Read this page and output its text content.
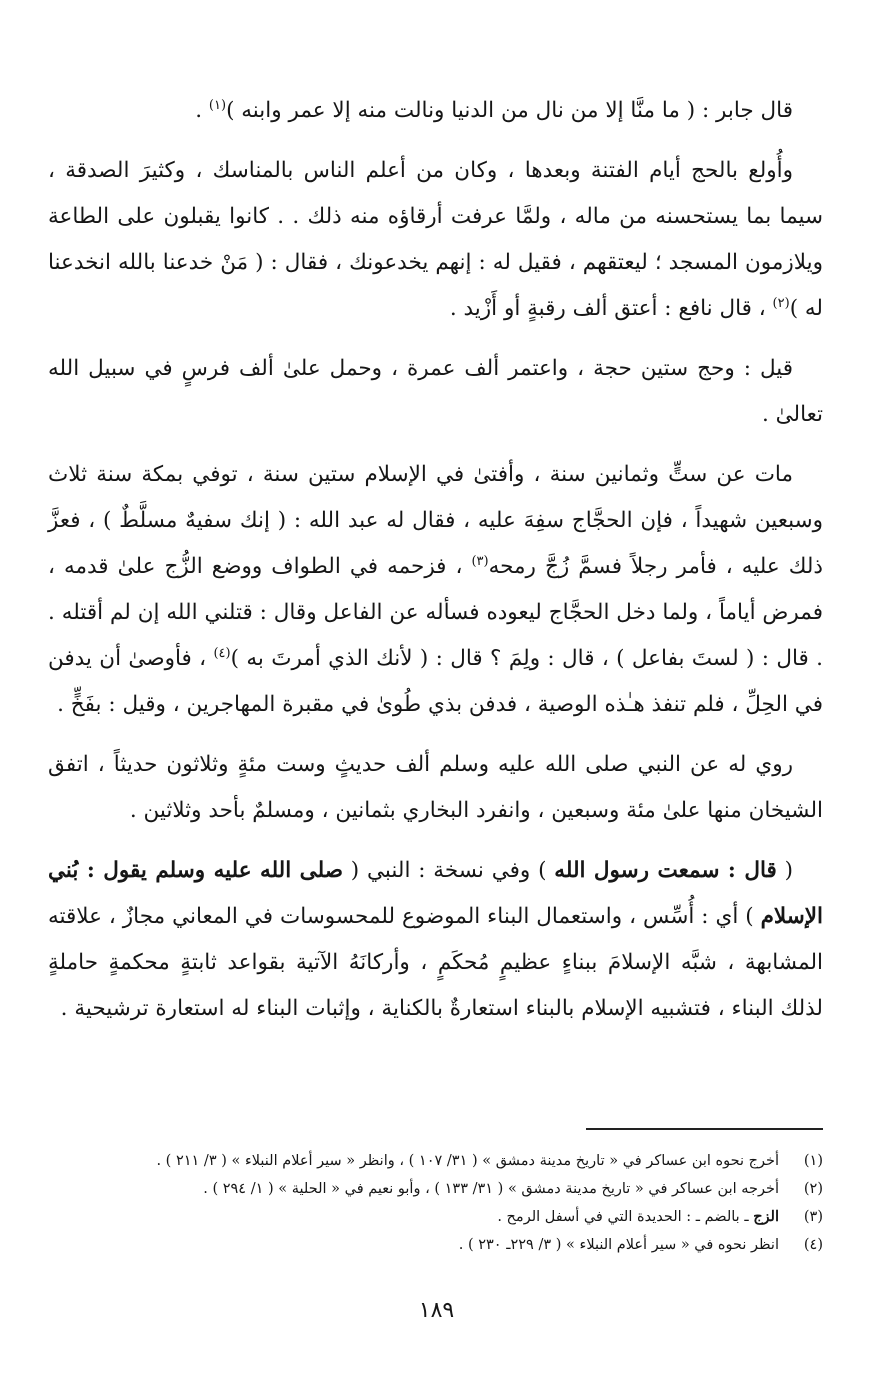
قال جابر : ( ما منَّا إلا من نال من الدنيا ونالت منه إلا عمر وابنه )$^{(١)}$ .

وأُولع بالحج أيام الفتنة وبعدها ، وكان من أعلم الناس بالمناسك ، وكثيرَ الصدقة ، سيما بما يستحسنه من ماله ، ولمَّا عرفت أرقاؤه منه ذلك . . كانوا يقبلون على الطاعة ويلازمون المسجد ؛ ليعتقهم ، فقيل له : إنهم يخدعونك ، فقال : ( مَنْ خدعنا بالله انخدعنا له )$^{(٢)}$ ، قال نافع : أعتق ألف رقبةٍ أو أَزْيد .

قيل : وحج ستين حجة ، واعتمر ألف عمرة ، وحمل علىٰ ألف فرسٍ في سبيل الله تعالىٰ .

مات عن ستٍّ وثمانين سنة ، وأفتىٰ في الإسلام ستين سنة ، توفي بمكة سنة ثلاث وسبعين شهيداً ، فإن الحجَّاج سفِهَ عليه ، فقال له عبد الله : ( إنك سفيهٌ مسلَّطٌ ) ، فعزَّ ذلك عليه ، فأمر رجلاً فسمَّ زُجَّ رمحه$^{(٣)}$ ، فزحمه في الطواف ووضع الزُّج علىٰ قدمه ، فمرض أياماً ، ولما دخل الحجَّاج ليعوده فسأله عن الفاعل وقال : قتلني الله إن لم أقتله . . قال : ( لستَ بفاعل ) ، قال : ولِمَ ؟ قال : ( لأنك الذي أمرتَ به )$^{(٤)}$ ، فأوصىٰ أن يدفن في الحِلِّ ، فلم تنفذ هـٰذه الوصية ، فدفن بذي طُوىٰ في مقبرة المهاجرين ، وقيل : بفَخٍّ .

روي له عن النبي صلى الله عليه وسلم ألف حديثٍ وست مئةٍ وثلاثون حديثاً ، اتفق الشيخان منها علىٰ مئة وسبعين ، وانفرد البخاري بثمانين ، ومسلمٌ بأحد وثلاثين .

( قال : سمعت رسول الله ) وفي نسخة : النبي ( صلى الله عليه وسلم يقول : بُني الإسلام ) أي : أُسِّس ، واستعمال البناء الموضوع للمحسوسات في المعاني مجازٌ ، علاقته المشابهة ، شبَّه الإسلامَ ببناءٍ عظيمٍ مُحكَمٍ ، وأركانَهُ الآتية بقواعد ثابتةٍ محكمةٍ حاملةٍ لذلك البناء ، فتشبيه الإسلام بالبناء استعارةٌ بالكناية ، وإثبات البناء له استعارة ترشيحية .

(١)
أخرج نحوه ابن عساكر في « تاريخ مدينة دمشق » ( ٣١/ ١٠٧ ) ، وانظر « سير أعلام النبلاء » ( ٣/ ٢١١ ) .
(٢)
أخرجه ابن عساكر في « تاريخ مدينة دمشق » ( ٣١/ ١٣٣ ) ، وأبو نعيم في « الحلية » ( ١/ ٢٩٤ ) .
(٣)
الزج ـ بالضم ـ : الحديدة التي في أسفل الرمح .
(٤)
انظر نحوه في « سير أعلام النبلاء » ( ٣/ ٢٢٩ـ ٢٣٠ ) .
١٨٩
